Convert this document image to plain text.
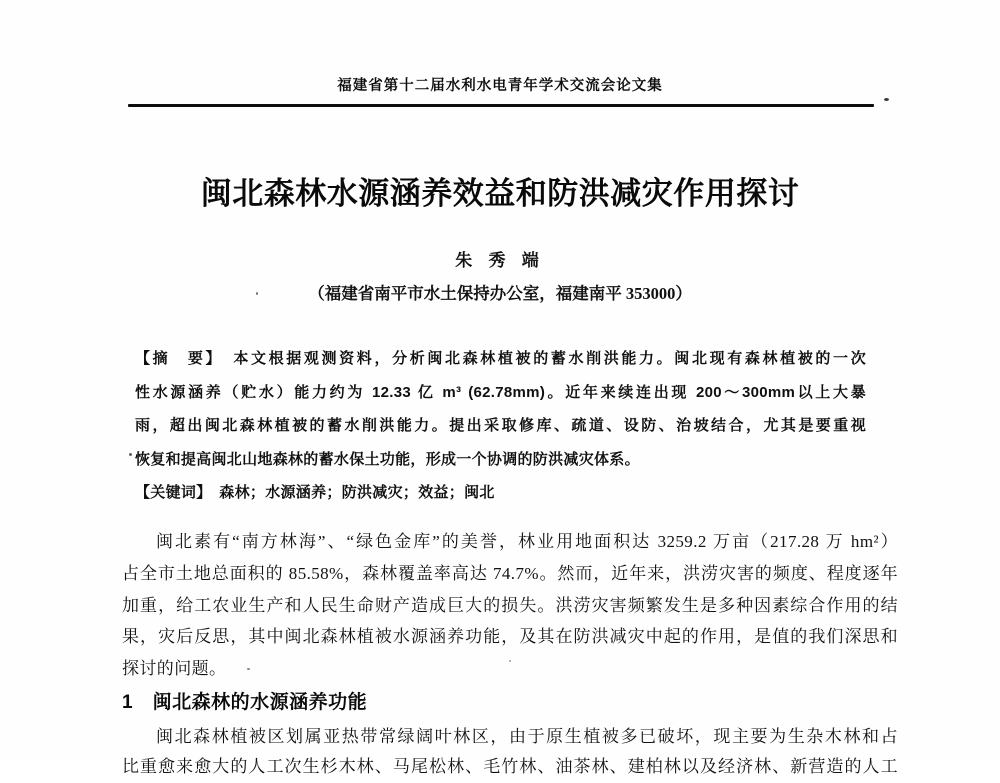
福建省第十二届水利水电青年学术交流会论文集
闽北森林水源涵养效益和防洪减灾作用探讨
朱 秀 端
（福建省南平市水土保持办公室，福建南平 353000）
【摘　要】　本文根据观测资料，分析闽北森林植被的蓄水削洪能力。闽北现有森林植被的一次
性水源涵养（贮水）能力约为 12.33 亿 m³ (62.78mm)。近年来续连出现 200～300mm以上大暴
雨，超出闽北森林植被的蓄水削洪能力。提出采取修库、疏道、设防、治坡结合，尤其是要重视
恢复和提高闽北山地森林的蓄水保土功能，形成一个协调的防洪减灾体系。
【关键词】　森林；水源涵养；防洪减灾；效益；闽北
闽北素有“南方林海”、“绿色金库”的美誉，林业用地面积达 3259.2 万亩（217.28 万 hm²）
占全市土地总面积的 85.58%，森林覆盖率高达 74.7%。然而，近年来，洪涝灾害的频度、程度逐年
加重，给工农业生产和人民生命财产造成巨大的损失。洪涝灾害频繁发生是多种因素综合作用的结
果，灾后反思，其中闽北森林植被水源涵养功能，及其在防洪减灾中起的作用，是值的我们深思和
探讨的问题。
1　闽北森林的水源涵养功能
闽北森林植被区划属亚热带常绿阔叶林区，由于原生植被多已破坏，现主要为生杂木林和占
比重愈来愈大的人工次生杉木林、马尾松林、毛竹林、油茶林、建柏林以及经济林、新营造的人工
